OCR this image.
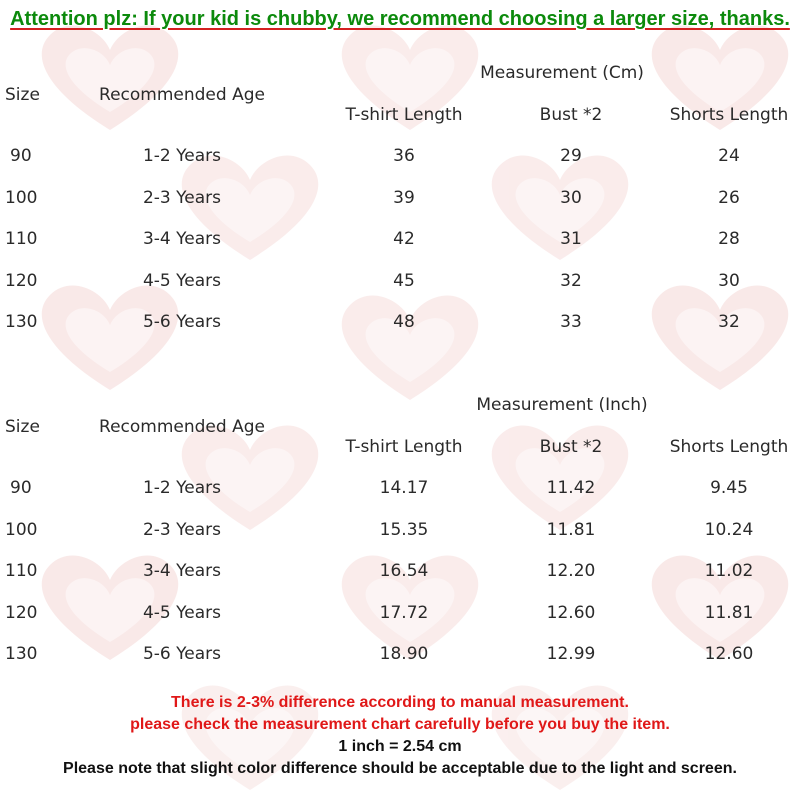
Attention plz: If your kid is chubby, we recommend choosing a larger size, thanks.
Measurement (Cm)
Size	Recommended Age
T-shirt Length	Bust *2	Shorts Length
90	1-2 Years	36	29	24
100	2-3 Years	39	30	26
110	3-4 Years	42	31	28
120	4-5 Years	45	32	30
130	5-6 Years	48	33	32
Measurement (Inch)
Size	Recommended Age
T-shirt Length	Bust *2	Shorts Length
90	1-2 Years	14.17	11.42	9.45
100	2-3 Years	15.35	11.81	10.24
110	3-4 Years	16.54	12.20	11.02
120	4-5 Years	17.72	12.60	11.81
130	5-6 Years	18.90	12.99	12.60
There is 2-3% difference according to manual measurement.
please check the measurement chart carefully before you buy the item.
1 inch = 2.54 cm
Please note that slight color difference should be acceptable due to the light and screen.
